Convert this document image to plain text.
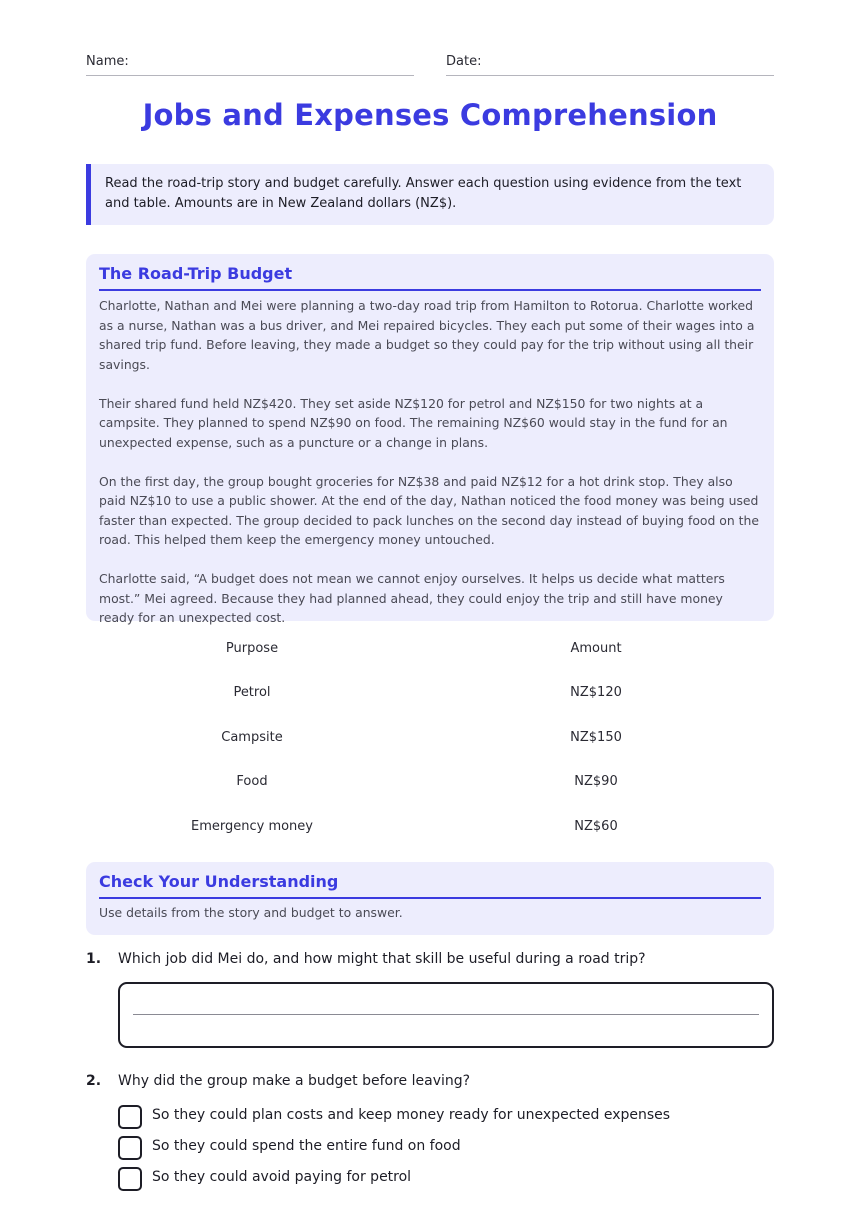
Name:	Date:
Jobs and Expenses Comprehension
Read the road-trip story and budget carefully. Answer each question using evidence from the text and table. Amounts are in New Zealand dollars (NZ$).
The Road-Trip Budget

Charlotte, Nathan and Mei were planning a two-day road trip from Hamilton to Rotorua. Charlotte worked as a nurse, Nathan was a bus driver, and Mei repaired bicycles. They each put some of their wages into a shared trip fund. Before leaving, they made a budget so they could pay for the trip without using all their savings.

Their shared fund held NZ$420. They set aside NZ$120 for petrol and NZ$150 for two nights at a campsite. They planned to spend NZ$90 on food. The remaining NZ$60 would stay in the fund for an unexpected expense, such as a puncture or a change in plans.

On the first day, the group bought groceries for NZ$38 and paid NZ$12 for a hot drink stop. They also paid NZ$10 to use a public shower. At the end of the day, Nathan noticed the food money was being used faster than expected. The group decided to pack lunches on the second day instead of buying food on the road. This helped them keep the emergency money untouched.

Charlotte said, “A budget does not mean we cannot enjoy ourselves. It helps us decide what matters most.” Mei agreed. Because they had planned ahead, they could enjoy the trip and still have money ready for an unexpected cost.

Purpose	Amount
Petrol	NZ$120
Campsite	NZ$150
Food	NZ$90
Emergency money	NZ$60
Check Your Understanding
Use details from the story and budget to answer.
1. Which job did Mei do, and how might that skill be useful during a road trip?
2. Why did the group make a budget before leaving?
So they could plan costs and keep money ready for unexpected expenses
So they could spend the entire fund on food
So they could avoid paying for petrol
